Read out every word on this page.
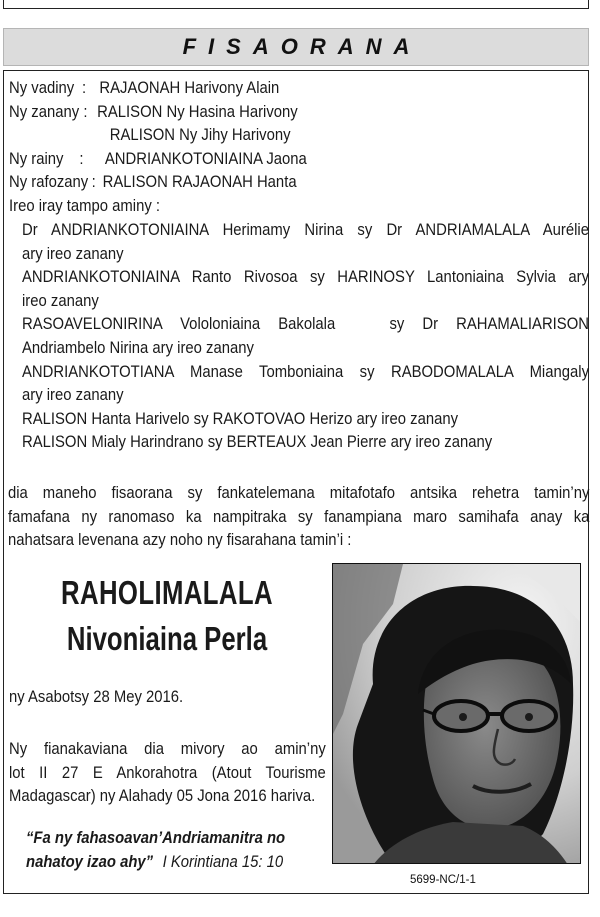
FISAORANA
Ny vadiny : RAJAONAH Harivony Alain
Ny zanany : RALISON Ny Hasina Harivony
RALISON Ny Jihy Harivony
Ny rainy :	ANDRIANKOTONIAINA Jaona
Ny rafozany : RALISON RAJAONAH Hanta
Ireo iray tampo aminy :
Dr ANDRIANKOTONIAINA Herimamy Nirina sy Dr ANDRIAMALALA Aurélie
ary ireo zanany
ANDRIANKOTONIAINA Ranto Rivosoa sy HARINOSY Lantoniaina Sylvia ary
ireo zanany
RASOAVELONIRINA Vololoniaina Bakolala   sy Dr RAHAMALIARISON
Andriambelo Nirina ary ireo zanany
ANDRIANKOTOTIANA Manase Tomboniaina sy RABODOMALALA Miangaly
ary ireo zanany
RALISON Hanta Harivelo sy RAKOTOVAO Herizo ary ireo zanany
RALISON Mialy Harindrano sy BERTEAUX Jean Pierre ary ireo zanany
dia maneho fisaorana sy fankatelemana mitafotafo antsika rehetra tamin’ny
famafana ny ranomaso ka nampitraka sy fanampiana maro samihafa anay ka
nahatsara levenana azy noho ny fisarahana tamin’i :
RAHOLIMALALA
Nivoniaina Perla
ny Asabotsy 28 Mey 2016.
Ny fianakaviana dia mivory ao amin’ny
lot II 27 E Ankorahotra (Atout Tourisme
Madagascar) ny Alahady 05 Jona 2016 hariva.
“Fa ny fahasoavan’Andriamanitra no
nahatoy izao ahy” I Korintiana 15: 10
5699-NC/1-1
